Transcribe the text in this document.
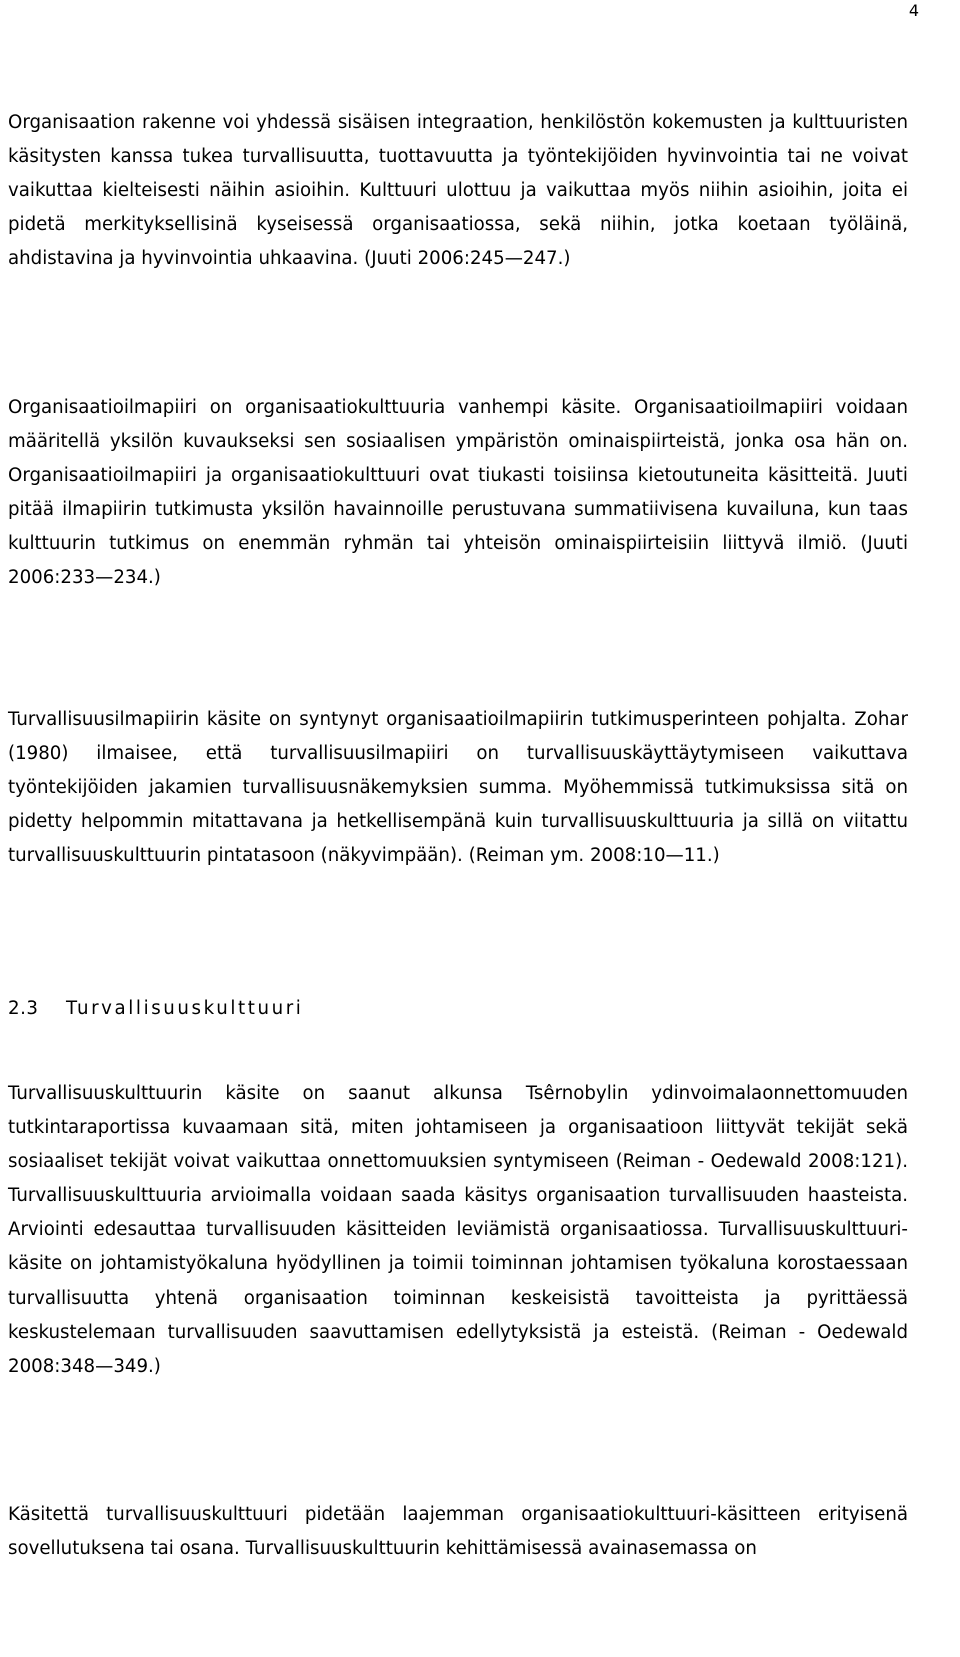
4

Organisaation rakenne voi yhdessä sisäisen integraation, henkilöstön kokemusten ja kulttuuristen käsitysten kanssa tukea turvallisuutta, tuottavuutta ja työntekijöiden hyvinvointia tai ne voivat vaikuttaa kielteisesti näihin asioihin. Kulttuuri ulottuu ja vaikuttaa myös niihin asioihin, joita ei pidetä merkityksellisinä kyseisessä organisaatiossa, sekä niihin, jotka koetaan työläinä, ahdistavina ja hyvinvointia uhkaavina. (Juuti 2006:245—247.)

Organisaatioilmapiiri on organisaatiokulttuuria vanhempi käsite. Organisaatioilmapiiri voidaan määritellä yksilön kuvaukseksi sen sosiaalisen ympäristön ominaispiirteistä, jonka osa hän on. Organisaatioilmapiiri ja organisaatiokulttuuri ovat tiukasti toisiinsa kietoutuneita käsitteitä. Juuti pitää ilmapiirin tutkimusta yksilön havainnoille perustuvana summatiivisena kuvailuna, kun taas kulttuurin tutkimus on enemmän ryhmän tai yhteisön ominaispiirteisiin liittyvä ilmiö. (Juuti 2006:233—234.)

Turvallisuusilmapiirin käsite on syntynyt organisaatioilmapiirin tutkimusperinteen pohjalta. Zohar (1980) ilmaisee, että turvallisuusilmapiiri on turvallisuuskäyttäytymiseen vaikuttava työntekijöiden jakamien turvallisuusnäkemyksien summa. Myöhemmissä tutkimuksissa sitä on pidetty helpommin mitattavana ja hetkellisempänä kuin turvallisuuskulttuuria ja sillä on viitattu turvallisuuskulttuurin pintatasoon (näkyvimpään). (Reiman ym. 2008:10—11.)

2.3 Turvallisuuskulttuuri

Turvallisuuskulttuurin käsite on saanut alkunsa Tsêrnobylin ydinvoimalaonnettomuuden tutkintaraportissa kuvaamaan sitä, miten johtamiseen ja organisaatioon liittyvät tekijät sekä sosiaaliset tekijät voivat vaikuttaa onnettomuuksien syntymiseen (Reiman - Oedewald 2008:121). Turvallisuuskulttuuria arvioimalla voidaan saada käsitys organisaation turvallisuuden haasteista. Arviointi edesauttaa turvallisuuden käsitteiden leviämistä organisaatiossa. Turvallisuuskulttuuri-käsite on johtamistyökaluna hyödyllinen ja toimii toiminnan johtamisen työkaluna korostaessaan turvallisuutta yhtenä organisaation toiminnan keskeisistä tavoitteista ja pyrittäessä keskustelemaan turvallisuuden saavuttamisen edellytyksistä ja esteistä. (Reiman - Oedewald 2008:348—349.)

Käsitettä turvallisuuskulttuuri pidetään laajemman organisaatiokulttuuri-käsitteen erityisenä sovellutuksena tai osana. Turvallisuuskulttuurin kehittämisessä avainasemassa on
